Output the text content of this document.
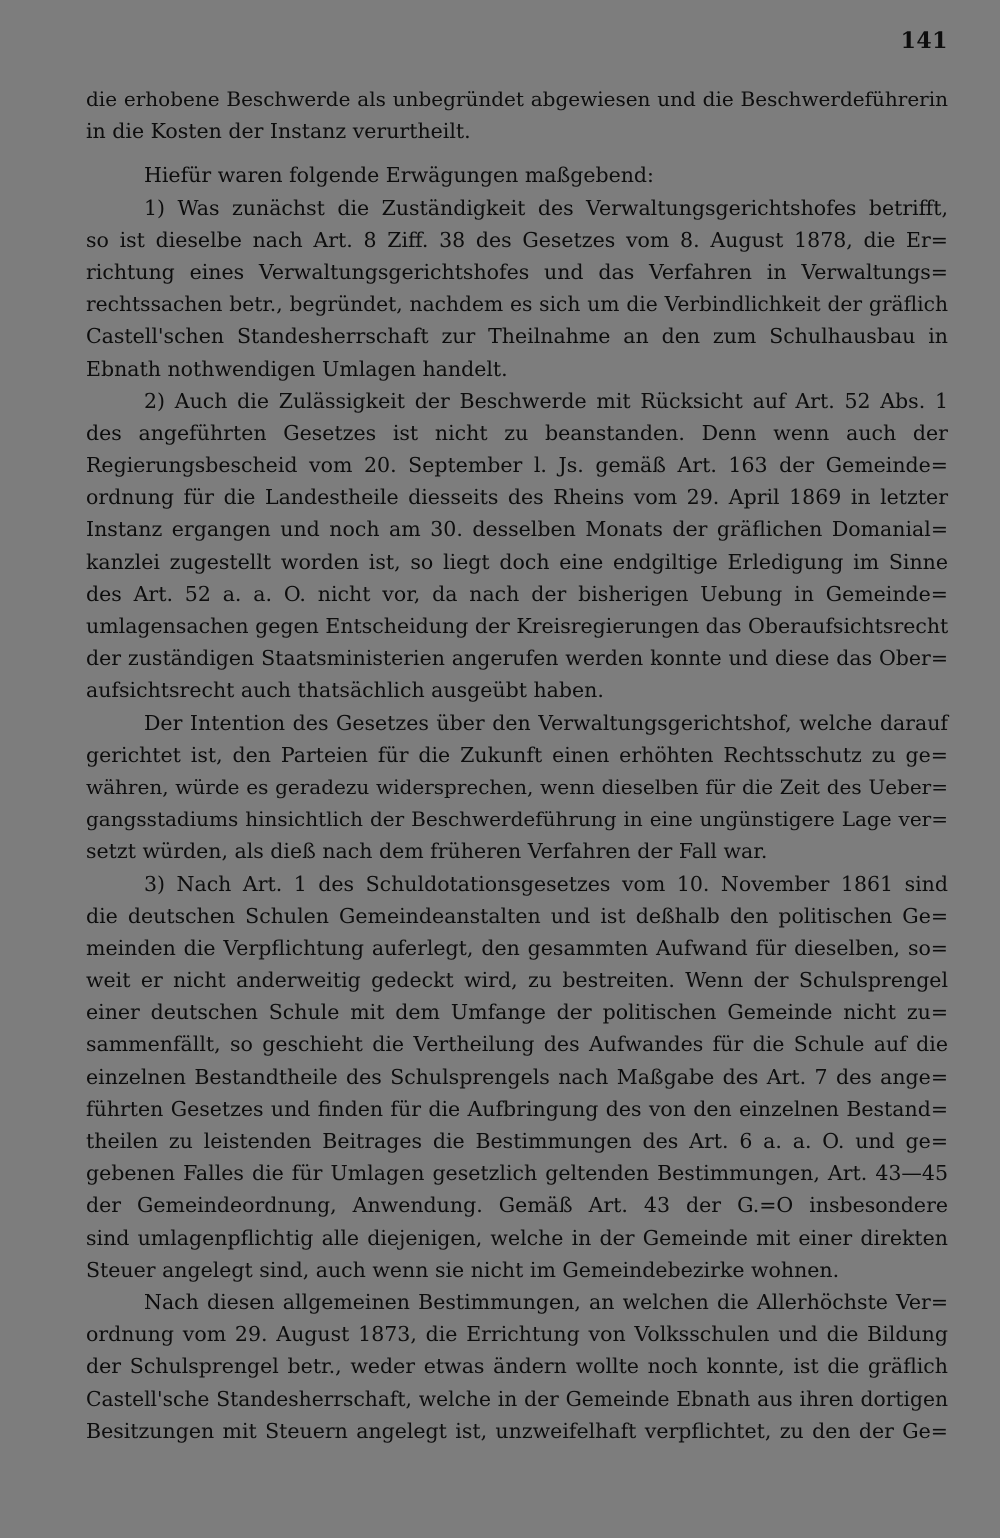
141
die erhobene Beschwerde als unbegründet abgewiesen und die Beschwerdeführerin
in die Kosten der Instanz verurtheilt.
Hiefür waren folgende Erwägungen maßgebend:
1) Was zunächst die Zuständigkeit des Verwaltungsgerichtshofes betrifft,
so ist dieselbe nach Art. 8 Ziff. 38 des Gesetzes vom 8. August 1878, die Er=
richtung eines Verwaltungsgerichtshofes und das Verfahren in Verwaltungs=
rechtssachen betr., begründet, nachdem es sich um die Verbindlichkeit der gräflich
Castell'schen Standesherrschaft zur Theilnahme an den zum Schulhausbau in
Ebnath nothwendigen Umlagen handelt.
2) Auch die Zulässigkeit der Beschwerde mit Rücksicht auf Art. 52 Abs. 1
des angeführten Gesetzes ist nicht zu beanstanden. Denn wenn auch der
Regierungsbescheid vom 20. September l. Js. gemäß Art. 163 der Gemeinde=
ordnung für die Landestheile diesseits des Rheins vom 29. April 1869 in letzter
Instanz ergangen und noch am 30. desselben Monats der gräflichen Domanial=
kanzlei zugestellt worden ist, so liegt doch eine endgiltige Erledigung im Sinne
des Art. 52 a. a. O. nicht vor, da nach der bisherigen Uebung in Gemeinde=
umlagensachen gegen Entscheidung der Kreisregierungen das Oberaufsichtsrecht
der zuständigen Staatsministerien angerufen werden konnte und diese das Ober=
aufsichtsrecht auch thatsächlich ausgeübt haben.
Der Intention des Gesetzes über den Verwaltungsgerichtshof, welche darauf
gerichtet ist, den Parteien für die Zukunft einen erhöhten Rechtsschutz zu ge=
währen, würde es geradezu widersprechen, wenn dieselben für die Zeit des Ueber=
gangsstadiums hinsichtlich der Beschwerdeführung in eine ungünstigere Lage ver=
setzt würden, als dieß nach dem früheren Verfahren der Fall war.
3) Nach Art. 1 des Schuldotationsgesetzes vom 10. November 1861 sind
die deutschen Schulen Gemeindeanstalten und ist deßhalb den politischen Ge=
meinden die Verpflichtung auferlegt, den gesammten Aufwand für dieselben, so=
weit er nicht anderweitig gedeckt wird, zu bestreiten. Wenn der Schulsprengel
einer deutschen Schule mit dem Umfange der politischen Gemeinde nicht zu=
sammenfällt, so geschieht die Vertheilung des Aufwandes für die Schule auf die
einzelnen Bestandtheile des Schulsprengels nach Maßgabe des Art. 7 des ange=
führten Gesetzes und finden für die Aufbringung des von den einzelnen Bestand=
theilen zu leistenden Beitrages die Bestimmungen des Art. 6 a. a. O. und ge=
gebenen Falles die für Umlagen gesetzlich geltenden Bestimmungen, Art. 43—45
der Gemeindeordnung, Anwendung. Gemäß Art. 43 der G.=O insbesondere
sind umlagenpflichtig alle diejenigen, welche in der Gemeinde mit einer direkten
Steuer angelegt sind, auch wenn sie nicht im Gemeindebezirke wohnen.
Nach diesen allgemeinen Bestimmungen, an welchen die Allerhöchste Ver=
ordnung vom 29. August 1873, die Errichtung von Volksschulen und die Bildung
der Schulsprengel betr., weder etwas ändern wollte noch konnte, ist die gräflich
Castell'sche Standesherrschaft, welche in der Gemeinde Ebnath aus ihren dortigen
Besitzungen mit Steuern angelegt ist, unzweifelhaft verpflichtet, zu den der Ge=
